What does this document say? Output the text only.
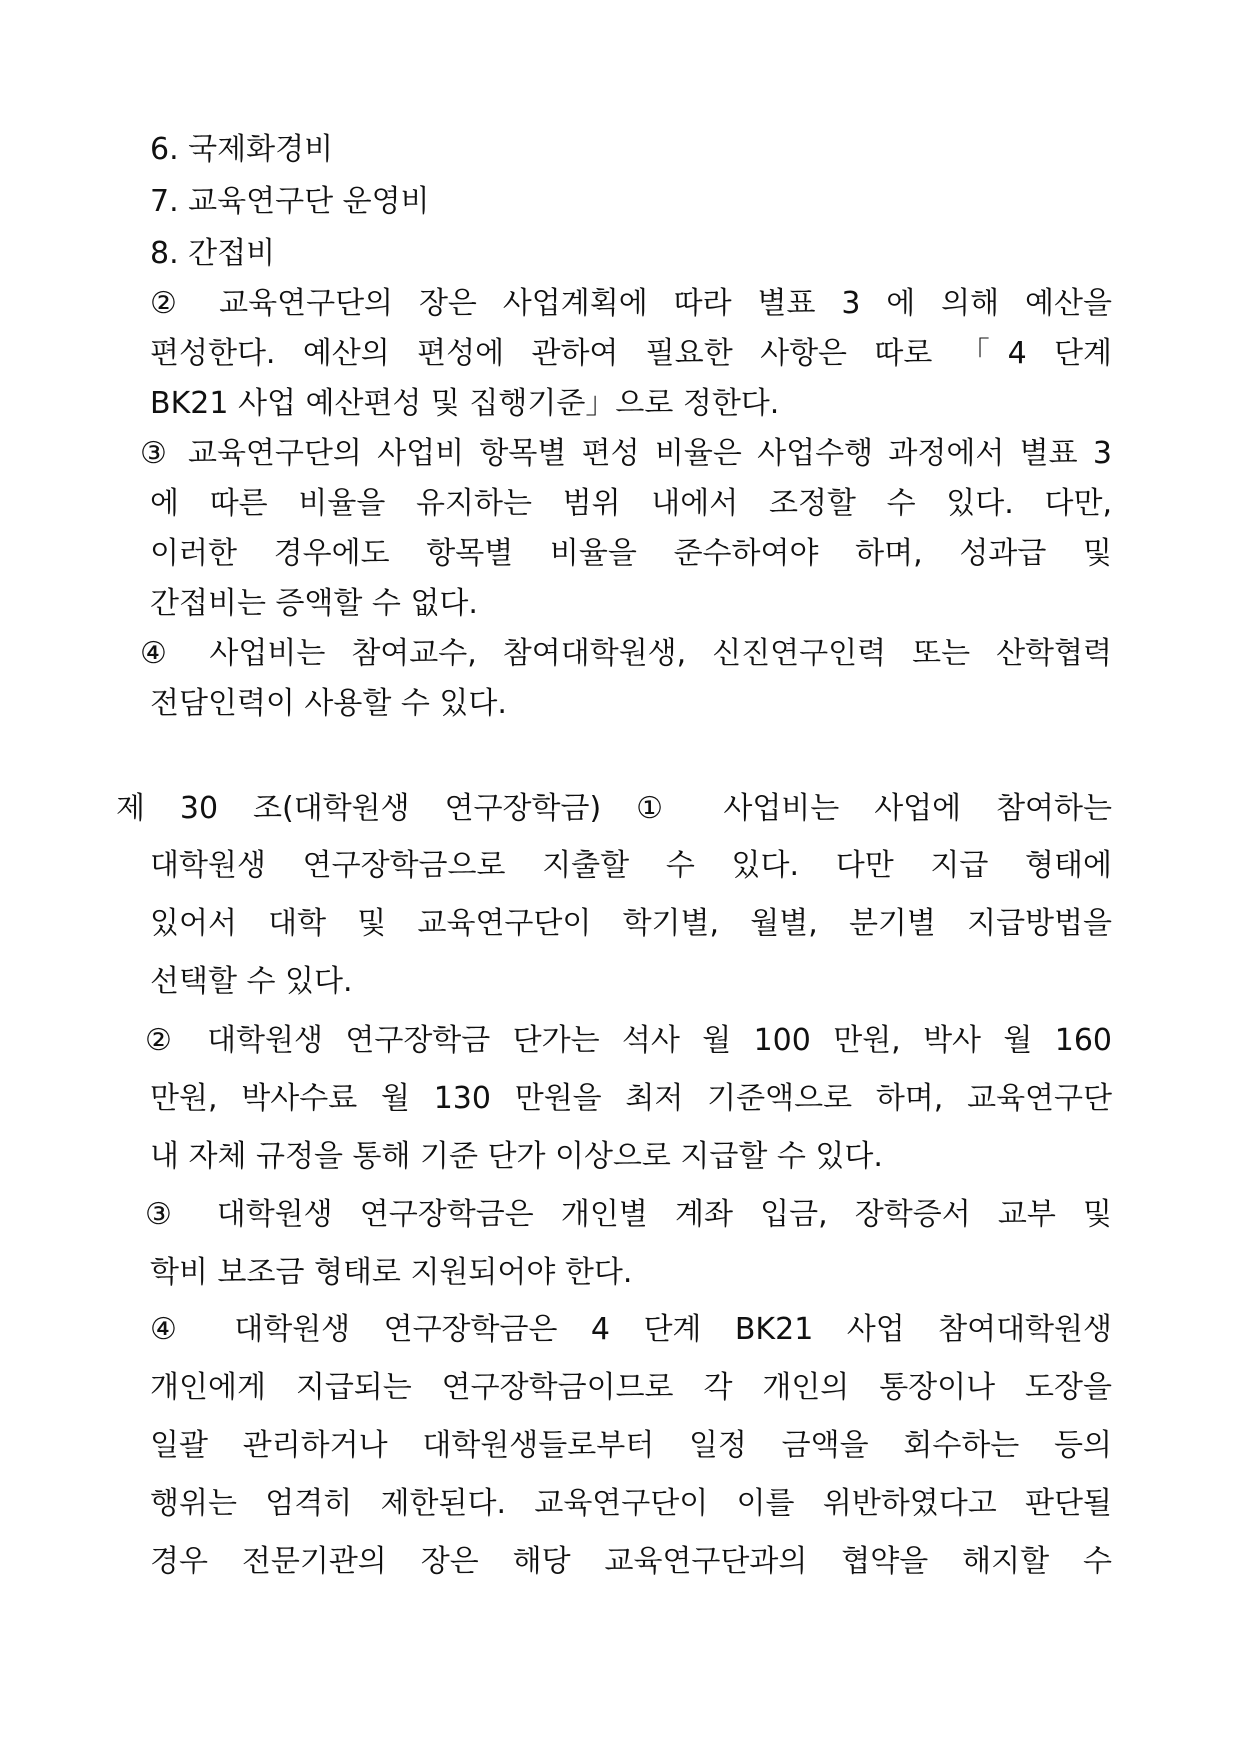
6. 국제화경비
7. 교육연구단 운영비
8. 간접비
② 교육연구단의 장은 사업계획에 따라 별표 3 에 의해 예산을
편성한다. 예산의 편성에 관하여 필요한 사항은 따로 「4 단계
BK21 사업 예산편성 및 집행기준」으로 정한다.
③ 교육연구단의 사업비 항목별 편성 비율은 사업수행 과정에서 별표 3
에 따른 비율을 유지하는 범위 내에서 조정할 수 있다. 다만,
이러한 경우에도 항목별 비율을 준수하여야 하며, 성과급 및
간접비는 증액할 수 없다.
④ 사업비는 참여교수, 참여대학원생, 신진연구인력 또는 산학협력
전담인력이 사용할 수 있다.
제 30 조(대학원생 연구장학금) ① 사업비는 사업에 참여하는
대학원생 연구장학금으로 지출할 수 있다. 다만 지급 형태에
있어서 대학 및 교육연구단이 학기별, 월별, 분기별 지급방법을
선택할 수 있다.
② 대학원생 연구장학금 단가는 석사 월 100 만원, 박사 월 160
만원, 박사수료 월 130 만원을 최저 기준액으로 하며, 교육연구단
내 자체 규정을 통해 기준 단가 이상으로 지급할 수 있다.
③ 대학원생 연구장학금은 개인별 계좌 입금, 장학증서 교부 및
학비 보조금 형태로 지원되어야 한다.
④ 대학원생 연구장학금은 4 단계 BK21 사업 참여대학원생
개인에게 지급되는 연구장학금이므로 각 개인의 통장이나 도장을
일괄 관리하거나 대학원생들로부터 일정 금액을 회수하는 등의
행위는 엄격히 제한된다. 교육연구단이 이를 위반하였다고 판단될
경우 전문기관의 장은 해당 교육연구단과의 협약을 해지할 수
